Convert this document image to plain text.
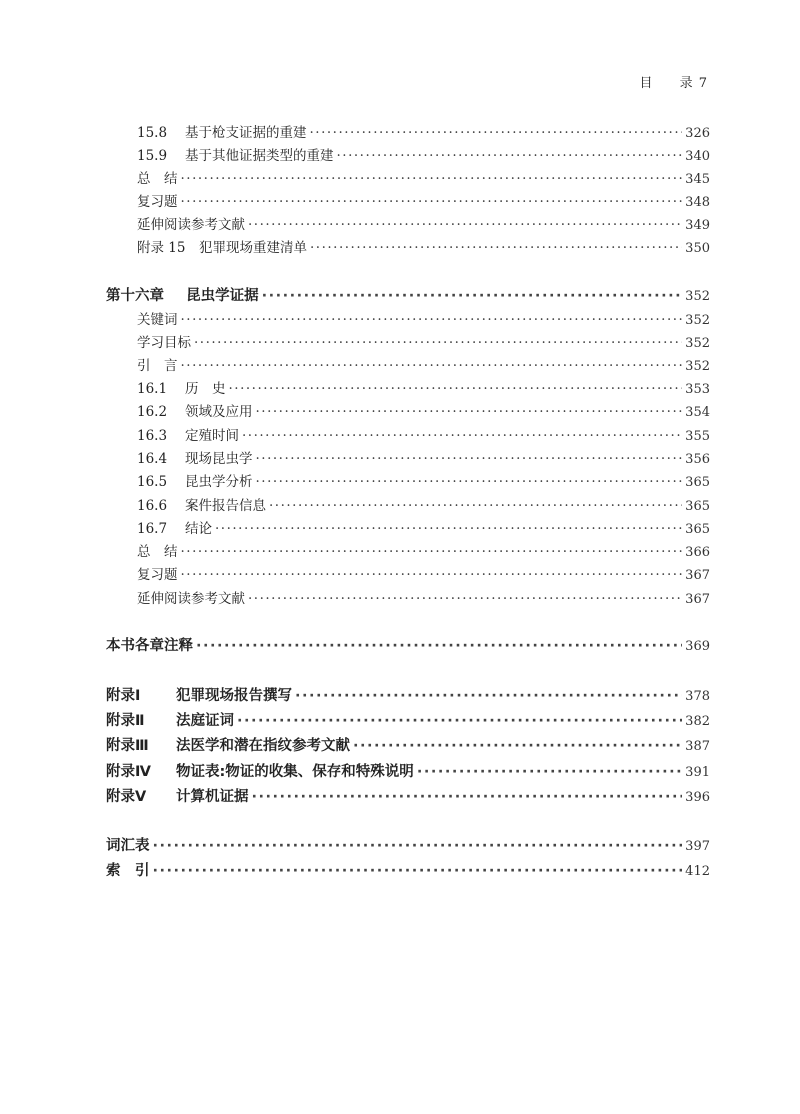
目 录 7
15.8 基于枪支证据的重建 ·····	326
15.9 基于其他证据类型的重建 ·····	340
总　结 ·····	345
复习题 ·····	348
延伸阅读参考文献 ·····	349
附录 15　犯罪现场重建清单 ·····	350
第十六章 昆虫学证据 ·····	352
关键词 ·····	352
学习目标 ·····	352
引　言 ·····	352
16.1 历　史 ·····	353
16.2 领域及应用 ·····	354
16.3 定殖时间 ·····	355
16.4 现场昆虫学 ·····	356
16.5 昆虫学分析 ·····	365
16.6 案件报告信息 ·····	365
16.7 结论 ·····	365
总　结 ·····	366
复习题 ·····	367
延伸阅读参考文献 ·····	367
本书各章注释 ·····	369
附录Ⅰ 犯罪现场报告撰写 ·····	378
附录Ⅱ 法庭证词 ·····	382
附录Ⅲ 法医学和潜在指纹参考文献 ·····	387
附录Ⅳ 物证表:物证的收集、保存和特殊说明 ·····	391
附录Ⅴ 计算机证据 ·····	396
词汇表 ·····	397
索　引 ·····	412
